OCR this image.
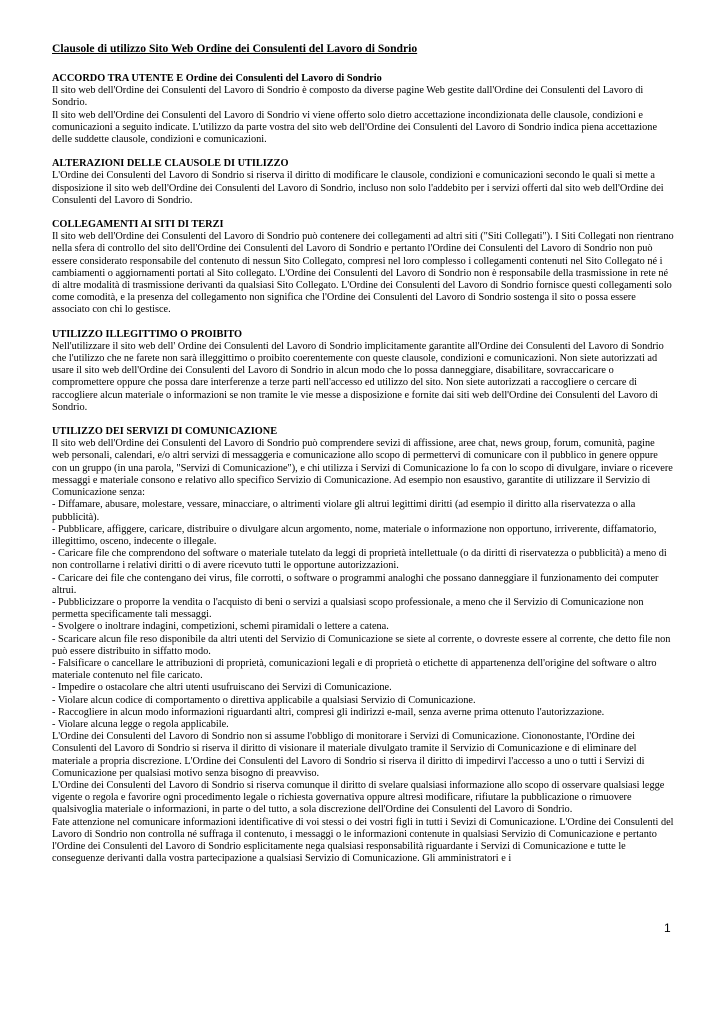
Clausole di utilizzo Sito Web Ordine dei Consulenti del Lavoro di Sondrio
ACCORDO TRA UTENTE E Ordine dei Consulenti del Lavoro di Sondrio

Il sito web dell'Ordine dei Consulenti del Lavoro di Sondrio è composto da diverse pagine Web gestite dall'Ordine dei Consulenti del Lavoro di Sondrio.

Il sito web dell'Ordine dei Consulenti del Lavoro di Sondrio vi viene offerto solo dietro accettazione incondizionata delle clausole, condizioni e comunicazioni a seguito indicate. L'utilizzo da parte vostra del sito web dell'Ordine dei Consulenti del Lavoro di Sondrio indica piena accettazione delle suddette clausole, condizioni e comunicazioni.

ALTERAZIONI DELLE CLAUSOLE DI UTILIZZO

L'Ordine dei Consulenti del Lavoro di Sondrio si riserva il diritto di modificare le clausole, condizioni e comunicazioni secondo le quali si mette a disposizione il sito web dell'Ordine dei Consulenti del Lavoro di Sondrio, incluso non solo l'addebito per i servizi offerti dal sito web dell'Ordine dei Consulenti del Lavoro di Sondrio.

COLLEGAMENTI AI SITI DI TERZI

Il sito web dell'Ordine dei Consulenti del Lavoro di Sondrio può contenere dei collegamenti ad altri siti ("Siti Collegati"). I Siti Collegati non rientrano nella sfera di controllo del sito dell'Ordine dei Consulenti del Lavoro di Sondrio e pertanto l'Ordine dei Consulenti del Lavoro di Sondrio non può essere considerato responsabile del contenuto di nessun Sito Collegato, compresi nel loro complesso i collegamenti contenuti nel Sito Collegato né i cambiamenti o aggiornamenti portati al Sito collegato. L'Ordine dei Consulenti del Lavoro di Sondrio non è responsabile della trasmissione in rete né di altre modalità di trasmissione derivanti da qualsiasi Sito Collegato. L'Ordine dei Consulenti del Lavoro di Sondrio fornisce questi collegamenti solo come comodità, e la presenza del collegamento non significa che l'Ordine dei Consulenti del Lavoro di Sondrio sostenga il sito o possa essere associato con chi lo gestisce.

UTILIZZO ILLEGITTIMO O PROIBITO

Nell'utilizzare il sito web dell' Ordine dei Consulenti del Lavoro di Sondrio implicitamente garantite all'Ordine dei Consulenti del Lavoro di Sondrio che l'utilizzo che ne farete non sarà illeggittimo o proibito coerentemente con queste clausole, condizioni e comunicazioni. Non siete autorizzati ad usare il sito web dell'Ordine dei Consulenti del Lavoro di Sondrio in alcun modo che lo possa danneggiare, disabilitare, sovraccaricare o compromettere oppure che possa dare interferenze a terze parti nell'accesso ed utilizzo del sito. Non siete autorizzati a raccogliere o cercare di raccogliere alcun materiale o informazioni se non tramite le vie messe a disposizione e fornite dai siti web dell'Ordine dei Consulenti del Lavoro di Sondrio.

UTILIZZO DEI SERVIZI DI COMUNICAZIONE

Il sito web dell'Ordine dei Consulenti del Lavoro di Sondrio può comprendere sevizi di affissione, aree chat, news group, forum, comunità, pagine web personali, calendari, e/o altri servizi di messaggeria e comunicazione allo scopo di permettervi di comunicare con il pubblico in genere oppure con un gruppo (in una parola, "Servizi di Comunicazione"), e chi utilizza i Servizi di Comunicazione lo fa con lo scopo di divulgare, inviare o ricevere messaggi e materiale consono e relativo allo specifico Servizio di Comunicazione. Ad esempio non esaustivo, garantite di utilizzare il Servizio di Comunicazione senza:

- Diffamare, abusare, molestare, vessare, minacciare, o altrimenti violare gli altrui legittimi diritti (ad esempio il diritto alla riservatezza o alla pubblicità).

- Pubblicare, affiggere, caricare, distribuire o divulgare alcun argomento, nome, materiale o informazione non opportuno, irriverente, diffamatorio, illegittimo, osceno, indecente o illegale.

- Caricare file che comprendono del software o materiale tutelato da leggi di proprietà intellettuale (o da diritti di riservatezza o pubblicità) a meno di non controllarne i relativi diritti o di avere ricevuto tutti le opportune autorizzazioni.

- Caricare dei file che contengano dei virus, file corrotti, o software o programmi analoghi che possano danneggiare il funzionamento dei computer altrui.

- Pubblicizzare o proporre la vendita o l'acquisto di beni o servizi a qualsiasi scopo professionale, a meno che il Servizio di Comunicazione non permetta specificamente tali messaggi.

- Svolgere o inoltrare indagini, competizioni, schemi piramidali o lettere a catena.

- Scaricare alcun file reso disponibile da altri utenti del Servizio di Comunicazione se siete al corrente, o dovreste essere al corrente, che detto file non può essere distribuito in siffatto modo.

- Falsificare o cancellare le attribuzioni di proprietà, comunicazioni legali e di proprietà o etichette di appartenenza dell'origine del software o altro materiale contenuto nel file caricato.

- Impedire o ostacolare che altri utenti usufruiscano dei Servizi di Comunicazione.

- Violare alcun codice di comportamento o direttiva applicabile a qualsiasi Servizio di Comunicazione.

- Raccogliere in alcun modo informazioni riguardanti altri, compresi gli indirizzi e-mail, senza averne prima ottenuto l'autorizzazione.

- Violare alcuna legge o regola applicabile.

L'Ordine dei Consulenti del Lavoro di Sondrio non si assume l'obbligo di monitorare i Servizi di Comunicazione. Ciononostante, l'Ordine dei Consulenti del Lavoro di Sondrio si riserva il diritto di visionare il materiale divulgato tramite il Servizio di Comunicazione e di eliminare del materiale a propria discrezione. L'Ordine dei Consulenti del Lavoro di Sondrio si riserva il diritto di impedirvi l'accesso a uno o tutti i Servizi di Comunicazione per qualsiasi motivo senza bisogno di preavviso.

L'Ordine dei Consulenti del Lavoro di Sondrio si riserva comunque il diritto di svelare qualsiasi informazione allo scopo di osservare qualsiasi legge vigente o regola e favorire ogni procedimento legale o richiesta governativa oppure altresì modificare, rifiutare la pubblicazione o rimuovere qualsivoglia materiale o informazioni, in parte o del tutto, a sola discrezione dell'Ordine dei Consulenti del Lavoro di Sondrio.

Fate attenzione nel comunicare informazioni identificative di voi stessi o dei vostri figli in tutti i Sevizi di Comunicazione. L'Ordine dei Consulenti del Lavoro di Sondrio non controlla né suffraga il contenuto, i messaggi o le informazioni contenute in qualsiasi Servizio di Comunicazione e pertanto l'Ordine dei Consulenti del Lavoro di Sondrio esplicitamente nega qualsiasi responsabilità riguardante i Servizi di Comunicazione e tutte le conseguenze derivanti dalla vostra partecipazione a qualsiasi Servizio di Comunicazione. Gli amministratori e i

1
